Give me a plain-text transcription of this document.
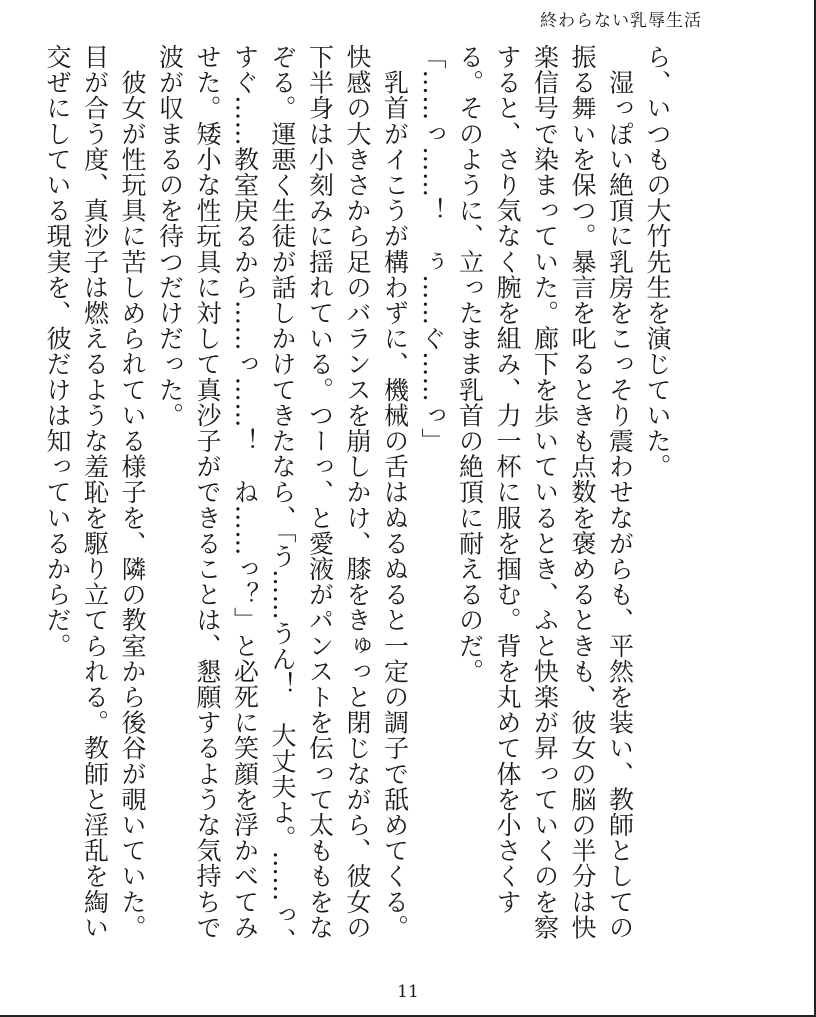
終わらない乳辱生活

ら、いつもの大竹先生を演じていた。

　湿っぽい絶頂に乳房をこっそり震わせながらも、平然を装い、教師としての振る舞いを保つ。暴言を叱るときも点数を褒めるときも、彼女の脳の半分は快楽信号で染まっていた。廊下を歩いているとき、ふと快楽が昇っていくのを察すると、さり気なく腕を組み、力一杯に服を掴む。背を丸めて体を小さくする。そのように、立ったまま乳首の絶頂に耐えるのだ。

「……っ……！　ぅ……ぐ……っ」

　乳首がイこうが構わずに、機械の舌はぬるぬると一定の調子で舐めてくる。快感の大きさから足のバランスを崩しかけ、膝をきゅっと閉じながら、彼女の下半身は小刻みに揺れている。つーっ、と愛液がパンストを伝って太ももをなぞる。運悪く生徒が話しかけてきたなら、「う……うん！　大丈夫よ。……っ、すぐ……教室戻るから……っ……！　ね……っ？」と必死に笑顔を浮かべてみせた。矮小な性玩具に対して真沙子ができることは、懇願するような気持ちで波が収まるのを待つだけだった。

　彼女が性玩具に苦しめられている様子を、隣の教室から後谷が覗いていた。目が合う度、真沙子は燃えるような羞恥を駆り立てられる。教師と淫乱を綯い交ぜにしている現実を、彼だけは知っているからだ。

11
